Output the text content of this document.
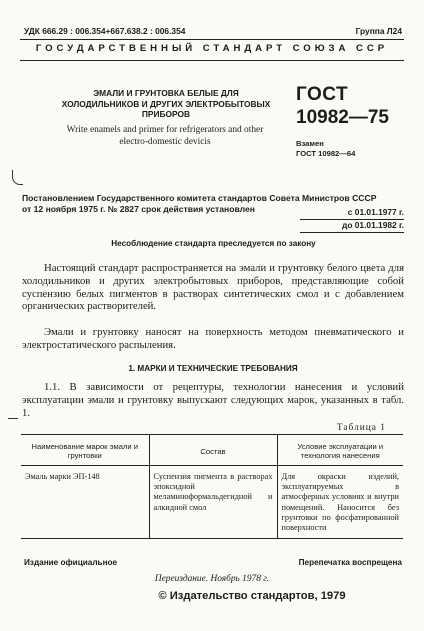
УДК 666.29 : 006.354+667.638.2 : 006.354	Группа Л24
ГОСУДАРСТВЕННЫЙ СТАНДАРТ СОЮЗА ССР
ЭМАЛИ И ГРУНТОВКА БЕЛЫЕ ДЛЯ
ХОЛОДИЛЬНИКОВ И ДРУГИХ ЭЛЕКТРОБЫТОВЫХ
ПРИБОРОВ
Write enamels and primer for refrigerators and other
electro-domestic devicis
ГОСТ
10982—75
Взамен
ГОСТ 10982—64
Постановлением Государственного комитета стандартов Совета Министров СССР
от 12 ноября 1975 г. № 2827 срок действия установлен	с 01.01.1977 г.
до 01.01.1982 г.
Несоблюдение стандарта преследуется по закону
Настоящий стандарт распространяется на эмали и грунтовку белого цвета для холодильников и других электробытовых приборов, представляющие собой суспензию белых пигментов в растворах синтетических смол и с добавлением органических растворителей.
Эмали и грунтовку наносят на поверхность методом пневматического и электростатического распыления.
1. МАРКИ И ТЕХНИЧЕСКИЕ ТРЕБОВАНИЯ
1.1. В зависимости от рецептуры, технологии нанесения и условий эксплуатации эмали и грунтовку выпускают следующих марок, указанных в табл. 1.
Таблица 1
Наименование марок эмали и грунтовки	Состав	Условие эксплуатации и технология нанесения
Эмаль марки ЭП-148	Суспензия пигмента в растворах эпоксидной меламиноформальдегидной и алкидной смол	Для окраски изделий, эксплуатируемых в атмосферных условиях и внутри помещений. Наносится без грунтовки по фосфатированной поверхности
Издание официальное	Перепечатка воспрещена
Переиздание. Ноябрь 1978 г.
© Издательство стандартов, 1979
